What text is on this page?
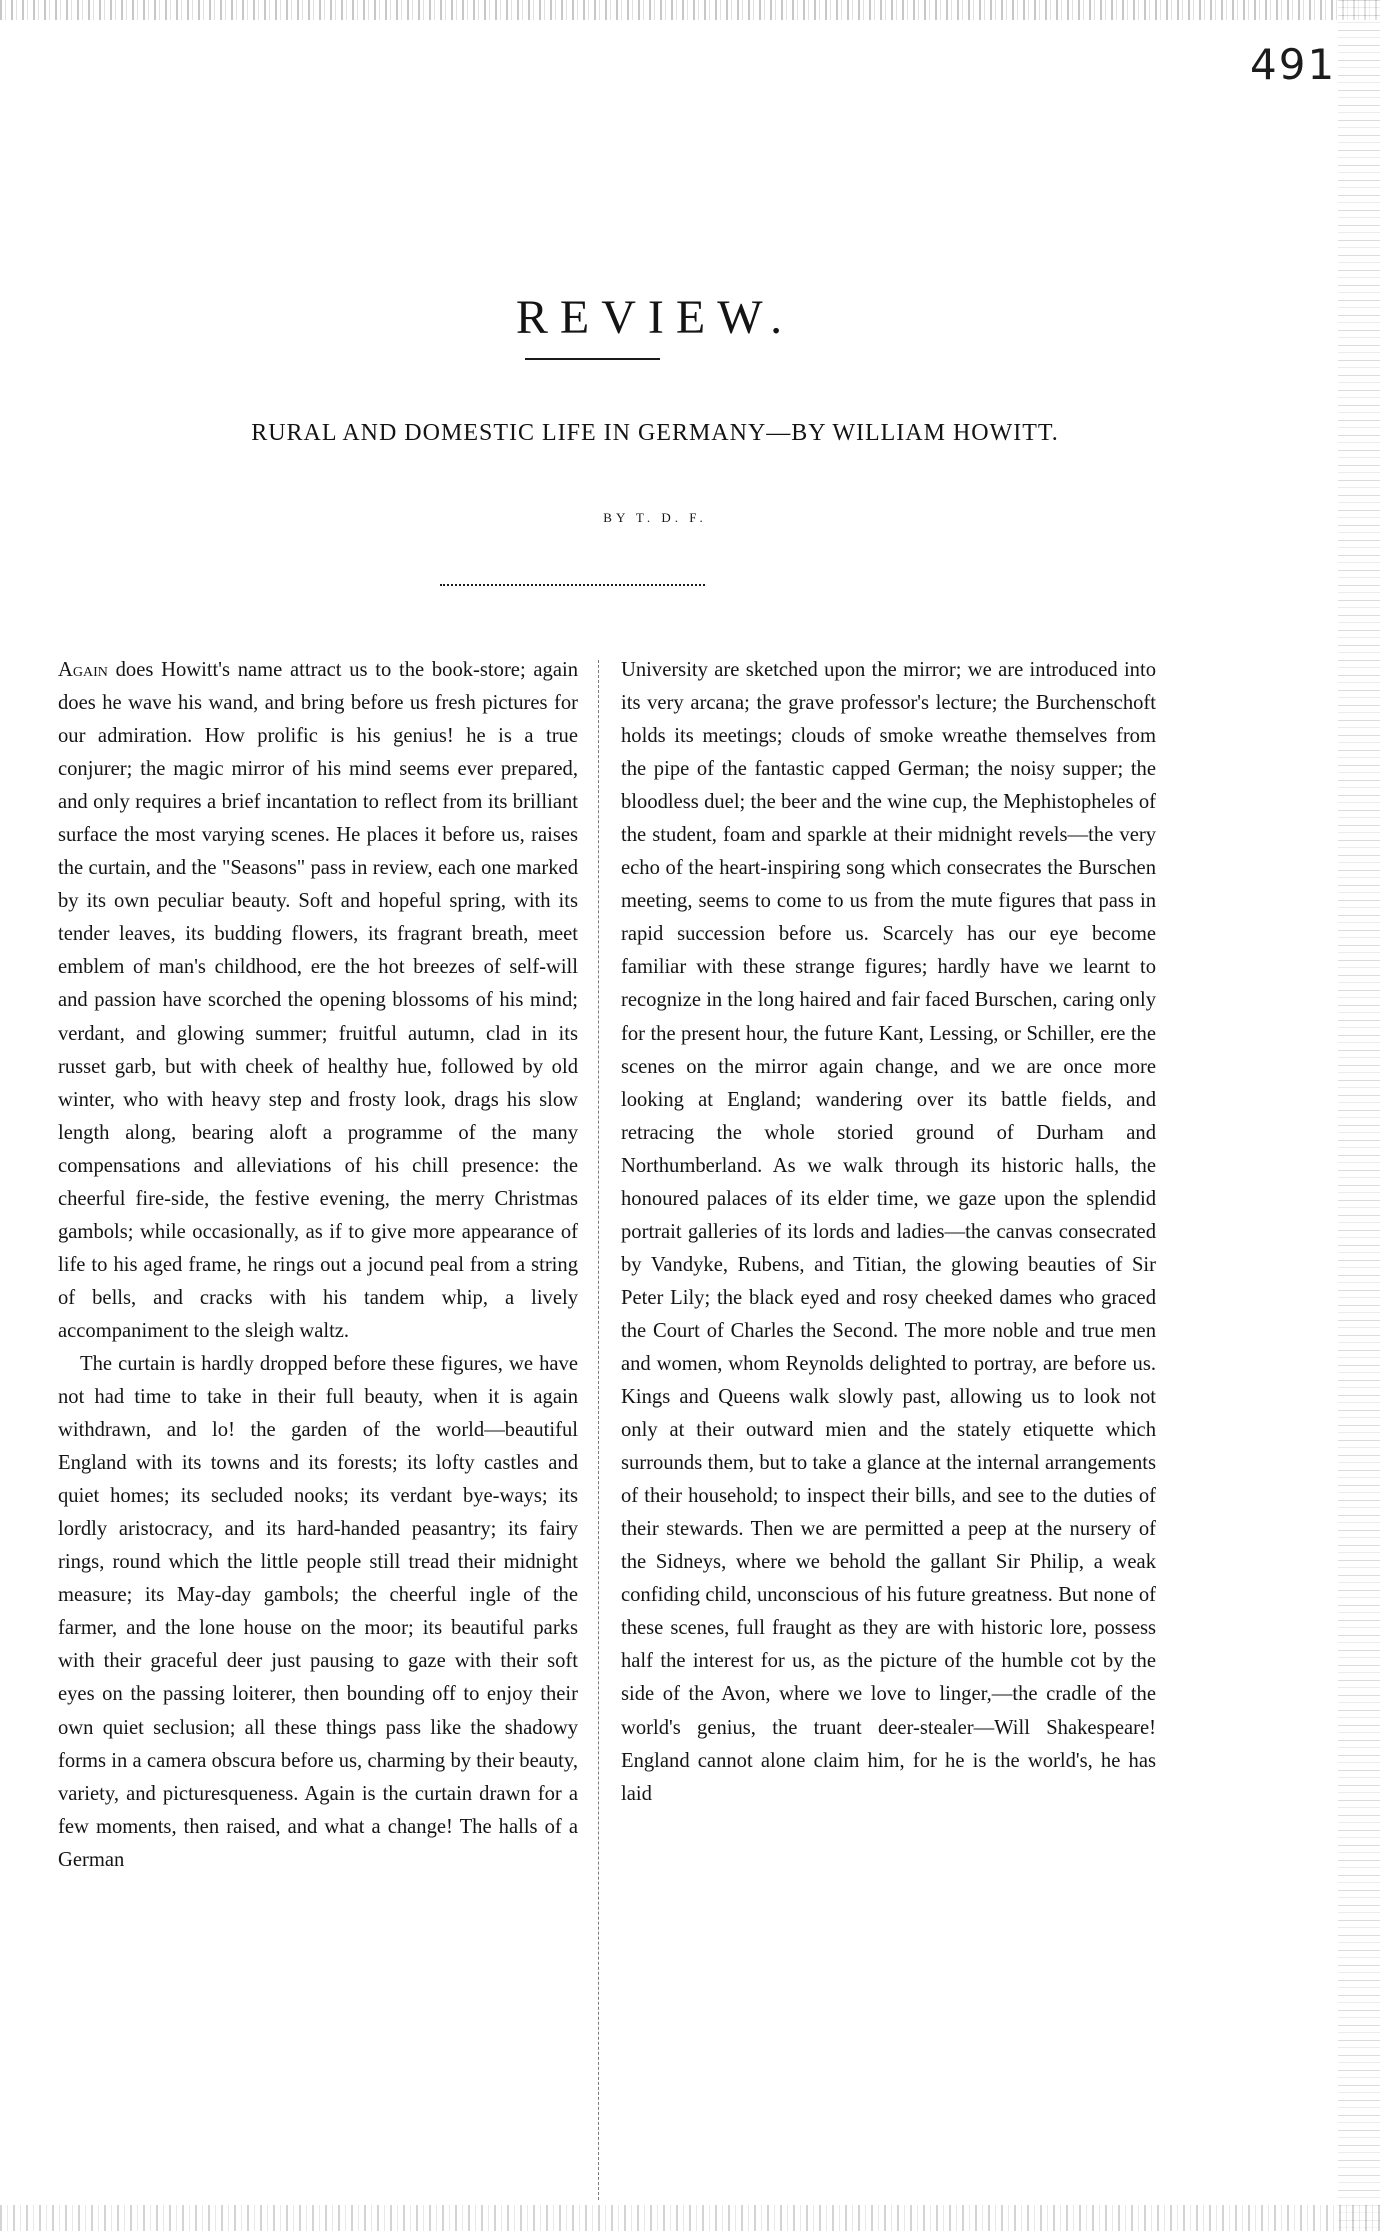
491
REVIEW.
RURAL AND DOMESTIC LIFE IN GERMANY—BY WILLIAM HOWITT.
BY T. D. F.

Again does Howitt's name attract us to the book-store; again does he wave his wand, and bring before us fresh pictures for our admiration. How prolific is his genius! he is a true conjurer; the magic mirror of his mind seems ever prepared, and only requires a brief incantation to reflect from its brilliant surface the most varying scenes. He places it before us, raises the curtain, and the "Seasons" pass in review, each one marked by its own peculiar beauty. Soft and hopeful spring, with its tender leaves, its budding flowers, its fragrant breath, meet emblem of man's childhood, ere the hot breezes of self-will and passion have scorched the opening blossoms of his mind; verdant, and glowing summer; fruitful autumn, clad in its russet garb, but with cheek of healthy hue, followed by old winter, who with heavy step and frosty look, drags his slow length along, bearing aloft a programme of the many compensations and alleviations of his chill presence: the cheerful fire-side, the festive evening, the merry Christmas gambols; while occasionally, as if to give more appearance of life to his aged frame, he rings out a jocund peal from a string of bells, and cracks with his tandem whip, a lively accompaniment to the sleigh waltz.

The curtain is hardly dropped before these figures, we have not had time to take in their full beauty, when it is again withdrawn, and lo! the garden of the world—beautiful England with its towns and its forests; its lofty castles and quiet homes; its secluded nooks; its verdant bye-ways; its lordly aristocracy, and its hard-handed peasantry; its fairy rings, round which the little people still tread their midnight measure; its May-day gambols; the cheerful ingle of the farmer, and the lone house on the moor; its beautiful parks with their graceful deer just pausing to gaze with their soft eyes on the passing loiterer, then bounding off to enjoy their own quiet seclusion; all these things pass like the shadowy forms in a camera obscura before us, charming by their beauty, variety, and picturesqueness. Again is the curtain drawn for a few moments, then raised, and what a change! The halls of a German

University are sketched upon the mirror; we are introduced into its very arcana; the grave professor's lecture; the Burchenschoft holds its meetings; clouds of smoke wreathe themselves from the pipe of the fantastic capped German; the noisy supper; the bloodless duel; the beer and the wine cup, the Mephistopheles of the student, foam and sparkle at their midnight revels—the very echo of the heart-inspiring song which consecrates the Burschen meeting, seems to come to us from the mute figures that pass in rapid succession before us. Scarcely has our eye become familiar with these strange figures; hardly have we learnt to recognize in the long haired and fair faced Burschen, caring only for the present hour, the future Kant, Lessing, or Schiller, ere the scenes on the mirror again change, and we are once more looking at England; wandering over its battle fields, and retracing the whole storied ground of Durham and Northumberland. As we walk through its historic halls, the honoured palaces of its elder time, we gaze upon the splendid portrait galleries of its lords and ladies—the canvas consecrated by Vandyke, Rubens, and Titian, the glowing beauties of Sir Peter Lily; the black eyed and rosy cheeked dames who graced the Court of Charles the Second. The more noble and true men and women, whom Reynolds delighted to portray, are before us. Kings and Queens walk slowly past, allowing us to look not only at their outward mien and the stately etiquette which surrounds them, but to take a glance at the internal arrangements of their household; to inspect their bills, and see to the duties of their stewards. Then we are permitted a peep at the nursery of the Sidneys, where we behold the gallant Sir Philip, a weak confiding child, unconscious of his future greatness. But none of these scenes, full fraught as they are with historic lore, possess half the interest for us, as the picture of the humble cot by the side of the Avon, where we love to linger,—the cradle of the world's genius, the truant deer-stealer—Will Shakespeare! England cannot alone claim him, for he is the world's, he has laid
